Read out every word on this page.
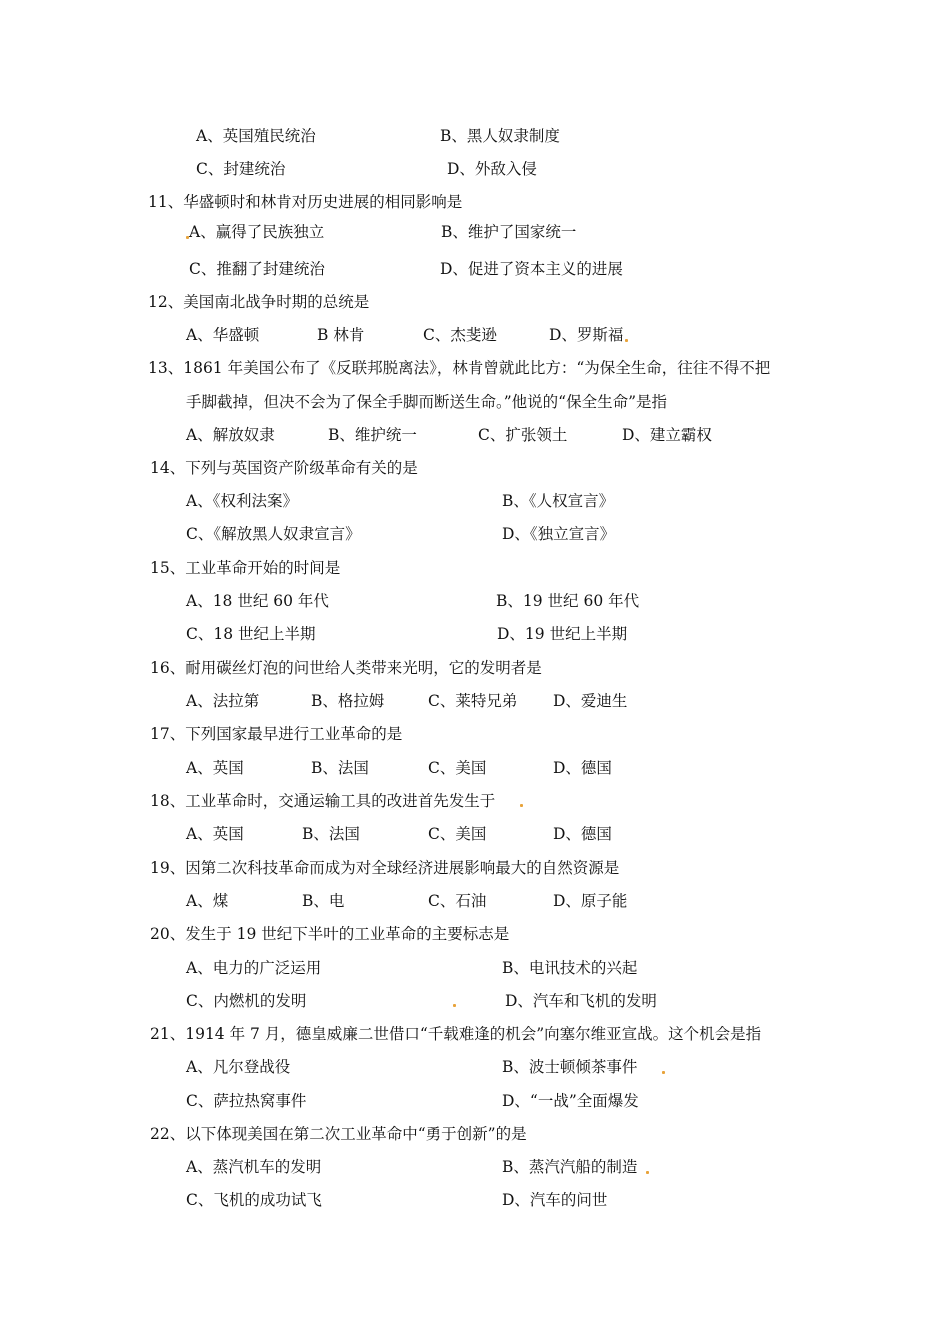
A、英国殖民统治	B、黑人奴隶制度
C、封建统治	D、外敌入侵
11、华盛顿时和林肯对历史进展的相同影响是
A、赢得了民族独立	B、维护了国家统一
C、推翻了封建统治	D、促进了资本主义的进展
12、美国南北战争时期的总统是
A、华盛顿	B 林肯	C、杰斐逊	D、罗斯福
13、1861 年美国公布了《反联邦脱离法》，林肯曾就此比方：“为保全生命，往往不得不把
手脚截掉，但决不会为了保全手脚而断送生命。”他说的“保全生命”是指
A、解放奴隶	B、维护统一	C、扩张领土	D、建立霸权
14、下列与英国资产阶级革命有关的是
A、《权利法案》	B、《人权宣言》
C、《解放黑人奴隶宣言》	D、《独立宣言》
15、工业革命开始的时间是
A、18 世纪 60 年代	B、19 世纪 60 年代
C、18 世纪上半期	D、19 世纪上半期
16、耐用碳丝灯泡的问世给人类带来光明，它的发明者是
A、法拉第	B、格拉姆	C、莱特兄弟 D、爱迪生
17、下列国家最早进行工业革命的是
A、英国	B、法国	C、美国	D、德国
18、工业革命时，交通运输工具的改进首先发生于
A、英国	B、法国	C、美国	D、德国
19、因第二次科技革命而成为对全球经济进展影响最大的自然资源是
A、煤	B、电	C、石油	D、原子能
20、发生于 19 世纪下半叶的工业革命的主要标志是
A、电力的广泛运用	B、电讯技术的兴起
C、内燃机的发明	D、汽车和飞机的发明
21、1914 年 7 月，德皇威廉二世借口“千载难逢的机会”向塞尔维亚宣战。这个机会是指
A、凡尔登战役	B、波士顿倾茶事件
C、萨拉热窝事件	D、“一战”全面爆发
22、以下体现美国在第二次工业革命中“勇于创新”的是
A、蒸汽机车的发明	B、蒸汽汽船的制造
C、飞机的成功试飞	D、汽车的问世
